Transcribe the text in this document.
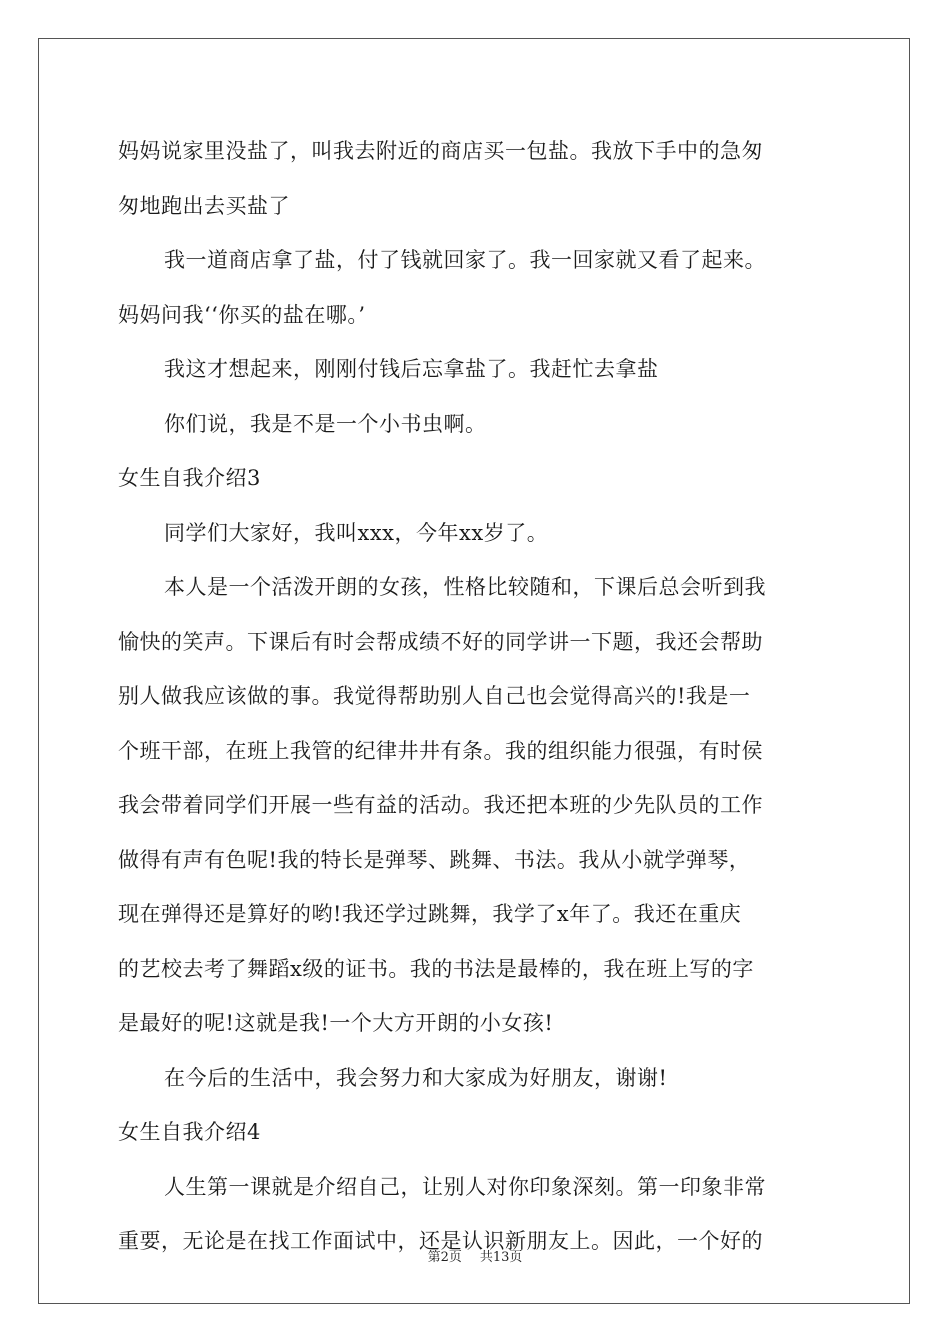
妈妈说家里没盐了，叫我去附近的商店买一包盐。我放下手中的急匆
匆地跑出去买盐了
我一道商店拿了盐，付了钱就回家了。我一回家就又看了起来。
妈妈问我‘‘你买的盐在哪。’
我这才想起来，刚刚付钱后忘拿盐了。我赶忙去拿盐
你们说，我是不是一个小书虫啊。
女生自我介绍3
同学们大家好，我叫xxx，今年xx岁了。
本人是一个活泼开朗的女孩，性格比较随和，下课后总会听到我
愉快的笑声。下课后有时会帮成绩不好的同学讲一下题，我还会帮助
别人做我应该做的事。我觉得帮助别人自己也会觉得高兴的!我是一
个班干部，在班上我管的纪律井井有条。我的组织能力很强，有时侯
我会带着同学们开展一些有益的活动。我还把本班的少先队员的工作
做得有声有色呢!我的特长是弹琴、跳舞、书法。我从小就学弹琴，
现在弹得还是算好的哟!我还学过跳舞，我学了x年了。我还在重庆
的艺校去考了舞蹈x级的证书。我的书法是最棒的，我在班上写的字
是最好的呢!这就是我!一个大方开朗的小女孩!
在今后的生活中，我会努力和大家成为好朋友，谢谢!
女生自我介绍4
人生第一课就是介绍自己，让别人对你印象深刻。第一印象非常
重要，无论是在找工作面试中，还是认识新朋友上。因此，一个好的
第2页 共13页
